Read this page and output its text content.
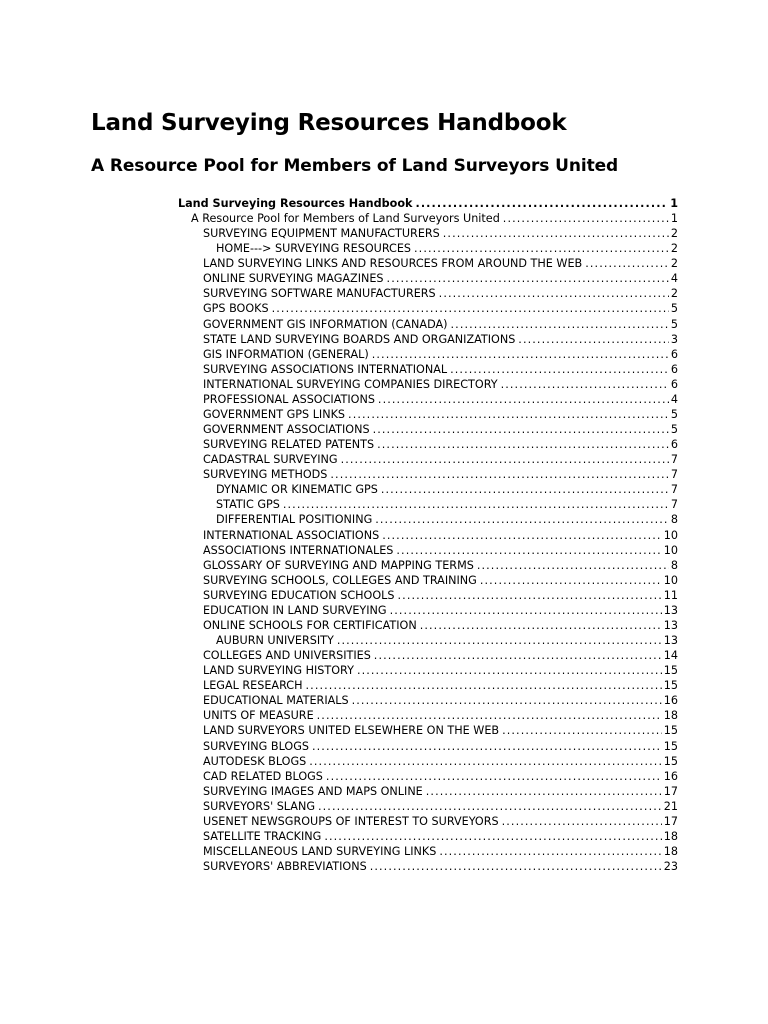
Land Surveying Resources Handbook
A Resource Pool for Members of Land Surveyors United
Land Surveying Resources Handbook .....	1
A Resource Pool for Members of Land Surveyors United .....	1
SURVEYING EQUIPMENT MANUFACTURERS .....	2
HOME---> SURVEYING RESOURCES .....	2
LAND SURVEYING LINKS AND RESOURCES FROM AROUND THE WEB .....	2
ONLINE SURVEYING MAGAZINES .....	4
SURVEYING SOFTWARE MANUFACTURERS .....	2
GPS BOOKS .....	5
GOVERNMENT GIS INFORMATION (CANADA) .....	5
STATE LAND SURVEYING BOARDS AND ORGANIZATIONS .....	3
GIS INFORMATION (GENERAL) .....	6
SURVEYING ASSOCIATIONS INTERNATIONAL .....	6
INTERNATIONAL SURVEYING COMPANIES DIRECTORY .....	6
PROFESSIONAL ASSOCIATIONS .....	4
GOVERNMENT GPS LINKS .....	5
GOVERNMENT ASSOCIATIONS .....	5
SURVEYING RELATED PATENTS .....	6
CADASTRAL SURVEYING .....	7
SURVEYING METHODS .....	7
DYNAMIC OR KINEMATIC GPS .....	7
STATIC GPS .....	7
DIFFERENTIAL POSITIONING .....	8
INTERNATIONAL ASSOCIATIONS .....	10
ASSOCIATIONS INTERNATIONALES .....	10
GLOSSARY OF SURVEYING AND MAPPING TERMS .....	8
SURVEYING SCHOOLS, COLLEGES AND TRAINING .....	10
SURVEYING EDUCATION SCHOOLS .....	11
EDUCATION IN LAND SURVEYING .....	13
ONLINE SCHOOLS FOR CERTIFICATION .....	13
AUBURN UNIVERSITY .....	13
COLLEGES AND UNIVERSITIES .....	14
LAND SURVEYING HISTORY .....	15
LEGAL RESEARCH .....	15
EDUCATIONAL MATERIALS .....	16
UNITS OF MEASURE .....	18
LAND SURVEYORS UNITED ELSEWHERE ON THE WEB .....	15
SURVEYING BLOGS .....	15
AUTODESK BLOGS .....	15
CAD RELATED BLOGS .....	16
SURVEYING IMAGES AND MAPS ONLINE .....	17
SURVEYORS' SLANG .....	21
USENET NEWSGROUPS OF INTEREST TO SURVEYORS .....	17
SATELLITE TRACKING .....	18
MISCELLANEOUS LAND SURVEYING LINKS .....	18
SURVEYORS' ABBREVIATIONS .....	23
